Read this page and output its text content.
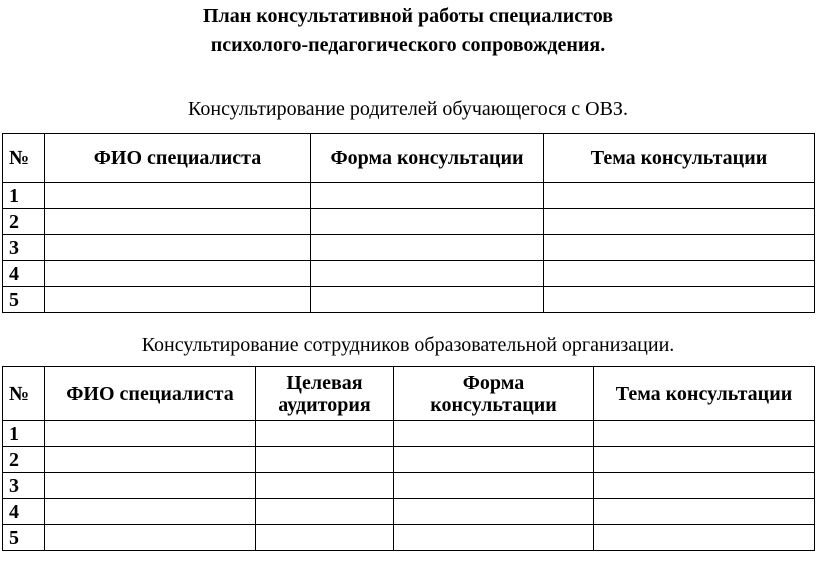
План консультативной работы специалистов
психолого-педагогического сопровождения.
Консультирование родителей обучающегося с ОВЗ.
№	ФИО специалиста	Форма консультации	Тема консультации
1			
2			
3			
4			
5			
Консультирование сотрудников образовательной организации.
№	ФИО специалиста	Целевая аудитория	Форма консультации	Тема консультации
1				
2				
3				
4				
5				
